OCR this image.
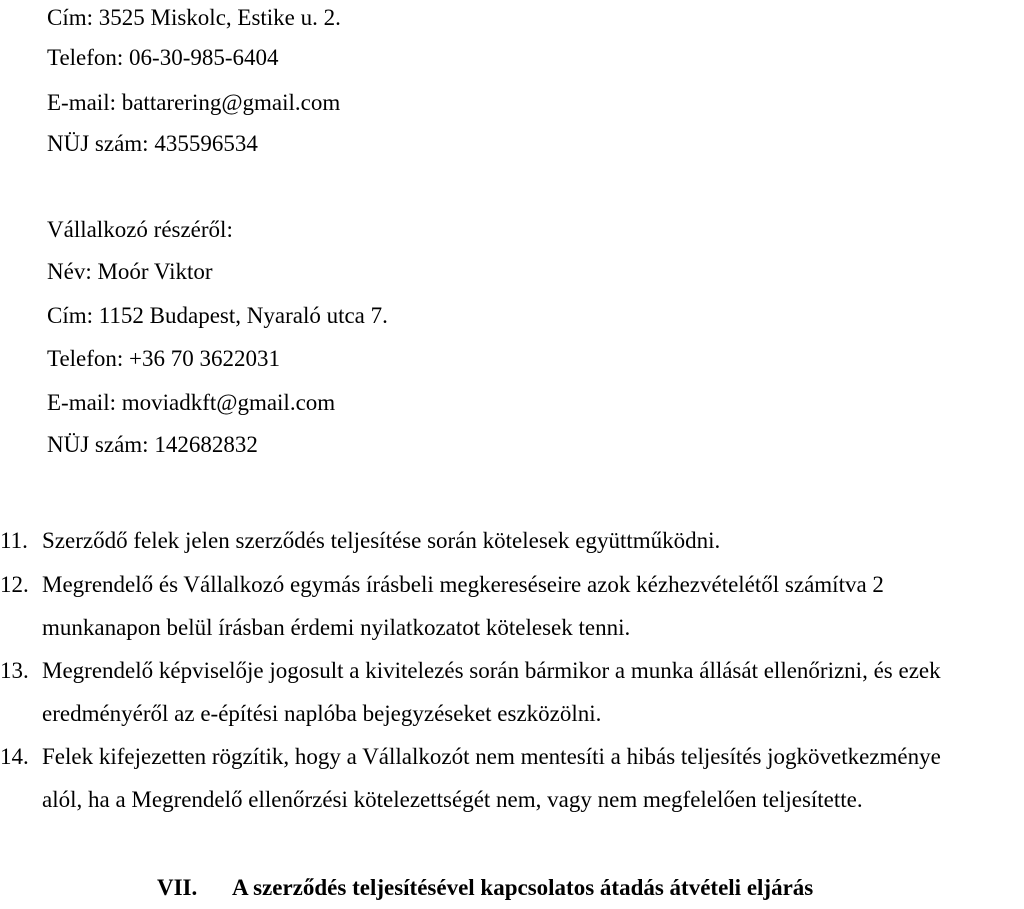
Cím: 3525 Miskolc, Estike u. 2.
Telefon: 06-30-985-6404
E-mail: battarering@gmail.com
NÜJ szám: 435596534
Vállalkozó részéről:
Név: Moór Viktor
Cím: 1152 Budapest, Nyaraló utca 7.
Telefon: +36 70 3622031
E-mail: moviadkft@gmail.com
NÜJ szám: 142682832
11. Szerződő felek jelen szerződés teljesítése során kötelesek együttműködni.
12. Megrendelő és Vállalkozó egymás írásbeli megkereséseire azok kézhezvételétől számítva 2
munkanapon belül írásban érdemi nyilatkozatot kötelesek tenni.
13. Megrendelő képviselője jogosult a kivitelezés során bármikor a munka állását ellenőrizni, és ezek
eredményéről az e-építési naplóba bejegyzéseket eszközölni.
14. Felek kifejezetten rögzítik, hogy a Vállalkozót nem mentesíti a hibás teljesítés jogkövetkezménye
alól, ha a Megrendelő ellenőrzési kötelezettségét nem, vagy nem megfelelően teljesítette.
VII. A szerződés teljesítésével kapcsolatos átadás átvételi eljárás
